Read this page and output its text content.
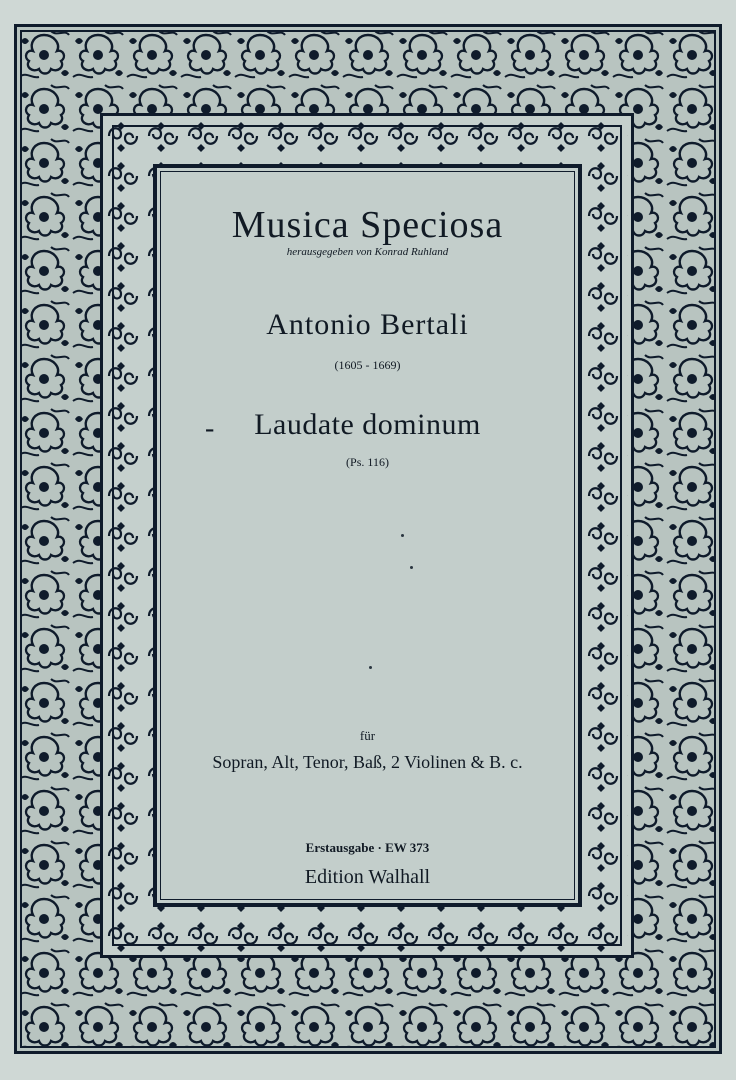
Musica Speciosa
herausgegeben von Konrad Ruhland
Antonio Bertali
(1605 - 1669)
-	Laudate dominum
(Ps. 116)
für
Sopran, Alt, Tenor, Baß, 2 Violinen & B. c.
Erstausgabe · EW 373
Edition Walhall
